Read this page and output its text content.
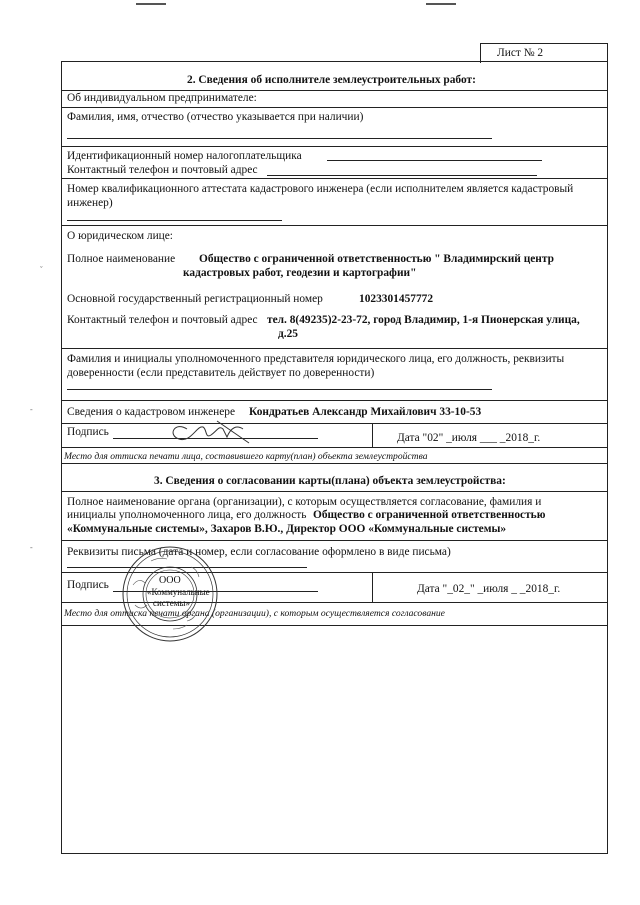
Лист № 2
2. Сведения об исполнителе землеустроительных работ:
Об индивидуальном предпринимателе:
Фамилия, имя, отчество (отчество указывается при наличии)
Идентификационный номер налогоплательщика
Контактный телефон и почтовый адрес
Номер квалификационного аттестата кадастрового инженера (если исполнителем является кадастровый инженер)
О юридическом лице:
Полное наименование Общество с ограниченной ответственностью " Владимирский центр
кадастровых работ, геодезии и картографии"
Основной государственный регистрационный номер	1023301457772
Контактный телефон и почтовый адрес тел. 8(49235)2-23-72, город Владимир, 1-я Пионерская улица,
д.25
Фамилия и инициалы уполномоченного представителя юридического лица, его должность, реквизиты доверенности (если представитель действует по доверенности)
Сведения о кадастровом инженере Кондратьев Александр Михайлович 33-10-53
Подпись	Дата "02" _июля ___ _2018_г.
Место для оттиска печати лица, составившего карту(план) объекта землеустройства
3. Сведения о согласовании карты(плана) объекта землеустройства:
Полное наименование органа (организации), с которым осуществляется согласование, фамилия и
инициалы уполномоченного лица, его должность Общество с ограниченной ответственностью
«Коммунальные системы», Захаров В.Ю., Директор ООО «Коммунальные системы»
Реквизиты письма (дата и номер, если согласование оформлено в виде письма)
Подпись	Дата "_02_" _июля _ _2018_г.
Место для оттиска печати органа (организации), с которым осуществляется согласование
ООО
«Коммунальные
системы»
ˇ
‐
‐
